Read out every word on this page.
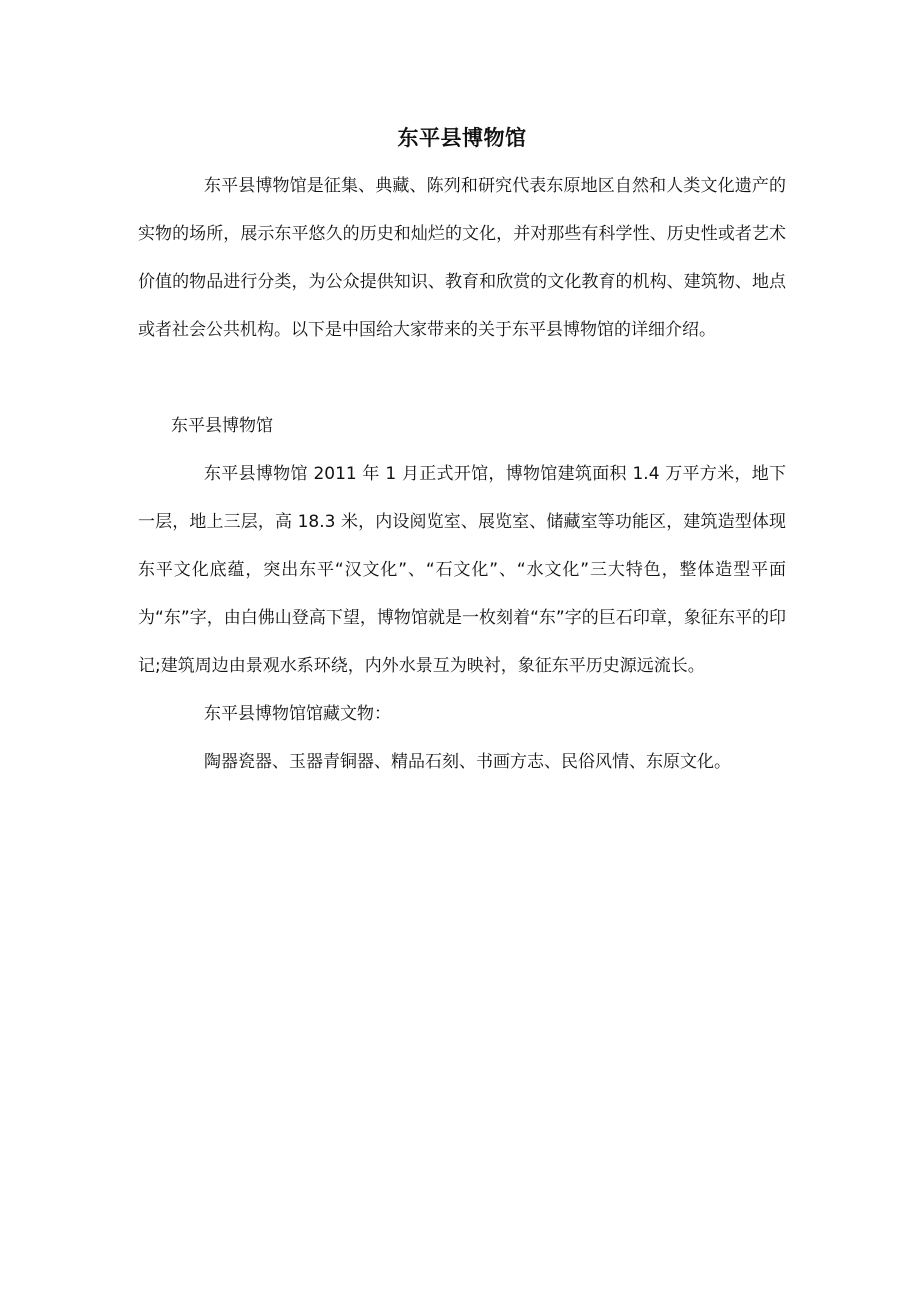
东平县博物馆

东平县博物馆是征集、典藏、陈列和研究代表东原地区自然和人类文化遗产的实物的场所，展示东平悠久的历史和灿烂的文化，并对那些有科学性、历史性或者艺术价值的物品进行分类，为公众提供知识、教育和欣赏的文化教育的机构、建筑物、地点或者社会公共机构。以下是中国给大家带来的关于东平县博物馆的详细介绍。

东平县博物馆

东平县博物馆 2011 年 1 月正式开馆，博物馆建筑面积 1.4 万平方米，地下一层，地上三层，高 18.3 米，内设阅览室、展览室、储藏室等功能区，建筑造型体现东平文化底蕴，突出东平“汉文化”、“石文化”、“水文化”三大特色，整体造型平面为“东”字，由白佛山登高下望，博物馆就是一枚刻着“东”字的巨石印章，象征东平的印记;建筑周边由景观水系环绕，内外水景互为映衬，象征东平历史源远流长。

东平县博物馆馆藏文物：

陶器瓷器、玉器青铜器、精品石刻、书画方志、民俗风情、东原文化。
